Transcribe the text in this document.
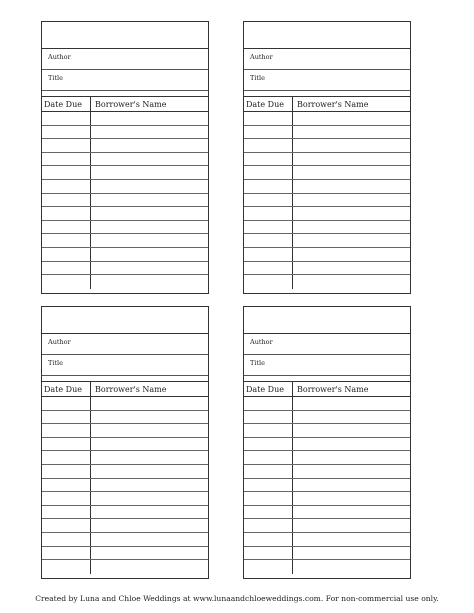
Author
Title
Date Due	Borrower's Name
Author
Title
Date Due	Borrower's Name
Author
Title
Date Due	Borrower's Name
Author
Title
Date Due	Borrower's Name
Created by Luna and Chloe Weddings at www.lunaandchloeweddings.com. For non-commercial use only.
